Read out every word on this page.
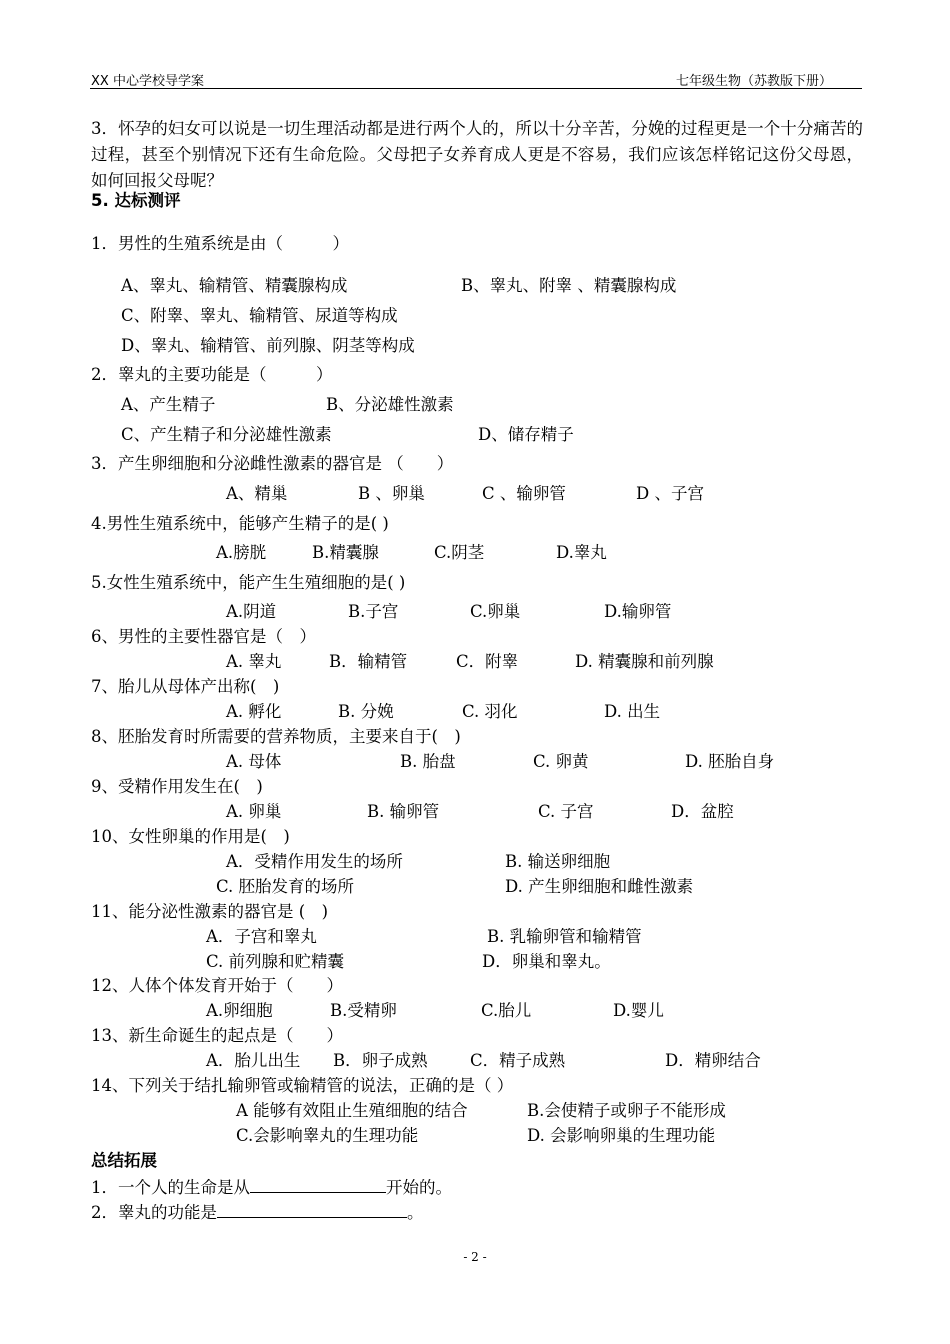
XX 中心学校导学案	七年级生物（苏教版下册）
3．怀孕的妇女可以说是一切生理活动都是进行两个人的，所以十分辛苦，分娩的过程更是一个十分痛苦的过程，甚至个别情况下还有生命危险。父母把子女养育成人更是不容易，我们应该怎样铭记这份父母恩，如何回报父母呢？
5. 达标测评
1．男性的生殖系统是由（　　　）
A、睾丸、输精管、精囊腺构成	B、睾丸、附睾 、精囊腺构成
C、附睾、睾丸、输精管、尿道等构成
D、睾丸、输精管、前列腺、阴茎等构成
2．睾丸的主要功能是（　　　）
A、产生精子	B、分泌雄性激素
C、产生精子和分泌雄性激素	D、储存精子
3．产生卵细胞和分泌雌性激素的器官是 （　　）
A、精巢	B 、卵巢	C 、输卵管	D 、子宫
4.男性生殖系统中，能够产生精子的是( )
A.膀胱	B.精囊腺	C.阴茎	D.睾丸
5.女性生殖系统中，能产生生殖细胞的是( )
A.阴道	B.子宫	C.卵巢	D.输卵管
6、男性的主要性器官是（　）
A. 睾丸	B．输精管	C．附睾	D. 精囊腺和前列腺
7、胎儿从母体产出称(　)
A. 孵化	B. 分娩	C. 羽化	D. 出生
8、胚胎发育时所需要的营养物质，主要来自于(　)
A. 母体	B. 胎盘	C. 卵黄	D. 胚胎自身
9、受精作用发生在(　)
A. 卵巢	B. 输卵管	C. 子宫	D．盆腔
10、女性卵巢的作用是(　)
A．受精作用发生的场所	B. 输送卵细胞
C. 胚胎发育的场所	D. 产生卵细胞和雌性激素
11、能分泌性激素的器官是 (　)
A．子宫和睾丸	B. 乳输卵管和输精管
C. 前列腺和贮精囊	D．卵巢和睾丸。
12、人体个体发育开始于（　　）
A.卵细胞	B.受精卵	C.胎儿	D.婴儿
13、新生命诞生的起点是（　　）
A．胎儿出生 B．卵子成熟	C．精子成熟	D．精卵结合
14、下列关于结扎输卵管或输精管的说法，正确的是（ ）
A 能够有效阻止生殖细胞的结合	B.会使精子或卵子不能形成
C.会影响睾丸的生理功能	D. 会影响卵巢的生理功能
总结拓展
1．一个人的生命是从	开始的。
2．睾丸的功能是	。
- 2 -
